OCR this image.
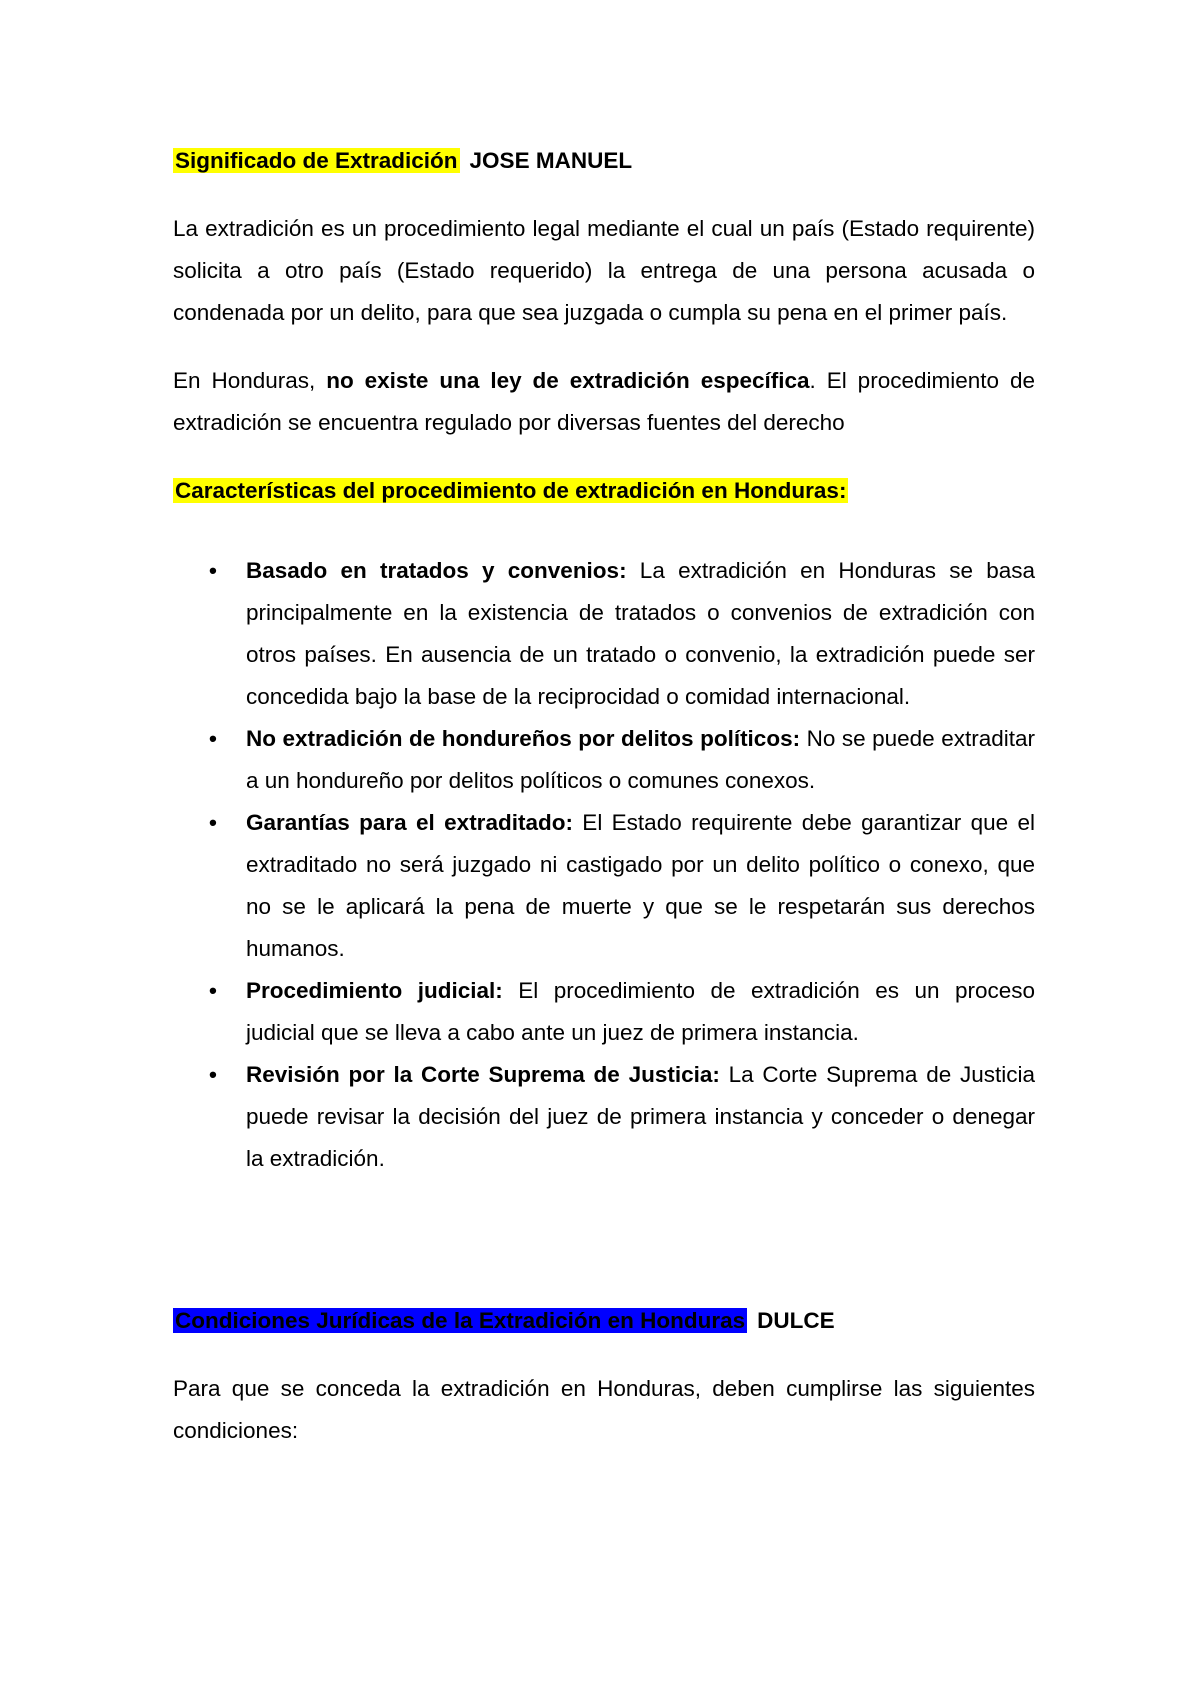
Significado de Extradición JOSE MANUEL

La extradición es un procedimiento legal mediante el cual un país (Estado requirente) solicita a otro país (Estado requerido) la entrega de una persona acusada o condenada por un delito, para que sea juzgada o cumpla su pena en el primer país.

En Honduras, no existe una ley de extradición específica. El procedimiento de extradición se encuentra regulado por diversas fuentes del derecho

Características del procedimiento de extradición en Honduras:

• Basado en tratados y convenios: La extradición en Honduras se basa principalmente en la existencia de tratados o convenios de extradición con otros países. En ausencia de un tratado o convenio, la extradición puede ser concedida bajo la base de la reciprocidad o comidad internacional.
• No extradición de hondureños por delitos políticos: No se puede extraditar a un hondureño por delitos políticos o comunes conexos.
• Garantías para el extraditado: El Estado requirente debe garantizar que el extraditado no será juzgado ni castigado por un delito político o conexo, que no se le aplicará la pena de muerte y que se le respetarán sus derechos humanos.
• Procedimiento judicial: El procedimiento de extradición es un proceso judicial que se lleva a cabo ante un juez de primera instancia.
• Revisión por la Corte Suprema de Justicia: La Corte Suprema de Justicia puede revisar la decisión del juez de primera instancia y conceder o denegar la extradición.

Condiciones Jurídicas de la Extradición en Honduras DULCE

Para que se conceda la extradición en Honduras, deben cumplirse las siguientes condiciones:
